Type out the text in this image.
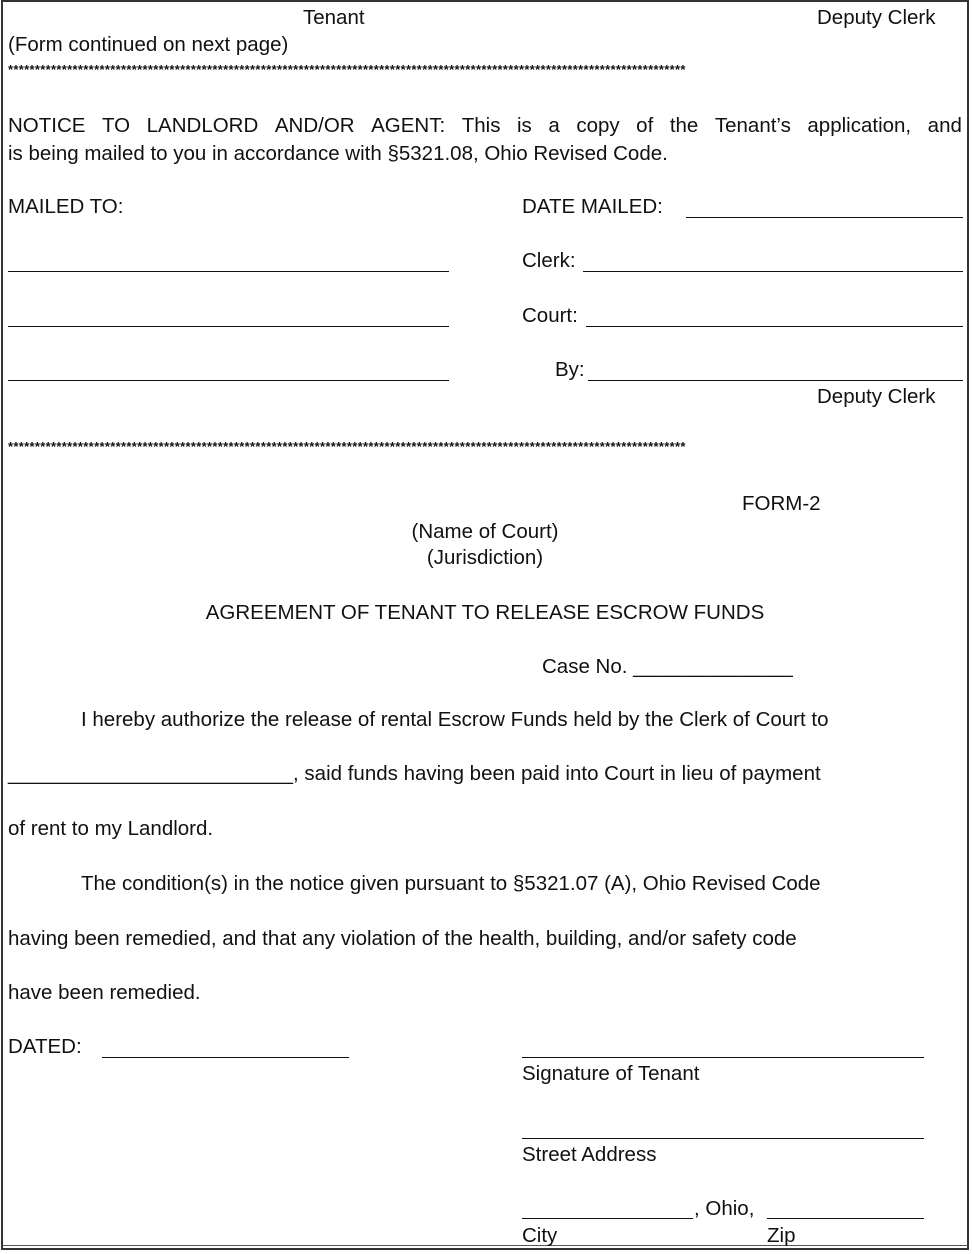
Tenant	Deputy Clerk
(Form continued on next page)
******************************************************************************************************************************
NOTICE TO LANDLORD AND/OR AGENT: This is a copy of the Tenant’s application, and
is being mailed to you in accordance with §5321.08, Ohio Revised Code.
MAILED TO:	DATE MAILED:
Clerk:
Court:
By:
Deputy Clerk
******************************************************************************************************************************
FORM-2
(Name of Court)
(Jurisdiction)
AGREEMENT OF TENANT TO RELEASE ESCROW FUNDS
Case No. ______________
I hereby authorize the release of rental Escrow Funds held by the Clerk of Court to
_________________________, said funds having been paid into Court in lieu of payment
of rent to my Landlord.
The condition(s) in the notice given pursuant to §5321.07 (A), Ohio Revised Code
having been remedied, and that any violation of the health, building, and/or safety code
have been remedied.
DATED:
Signature of Tenant
Street Address
, Ohio,
City	Zip
